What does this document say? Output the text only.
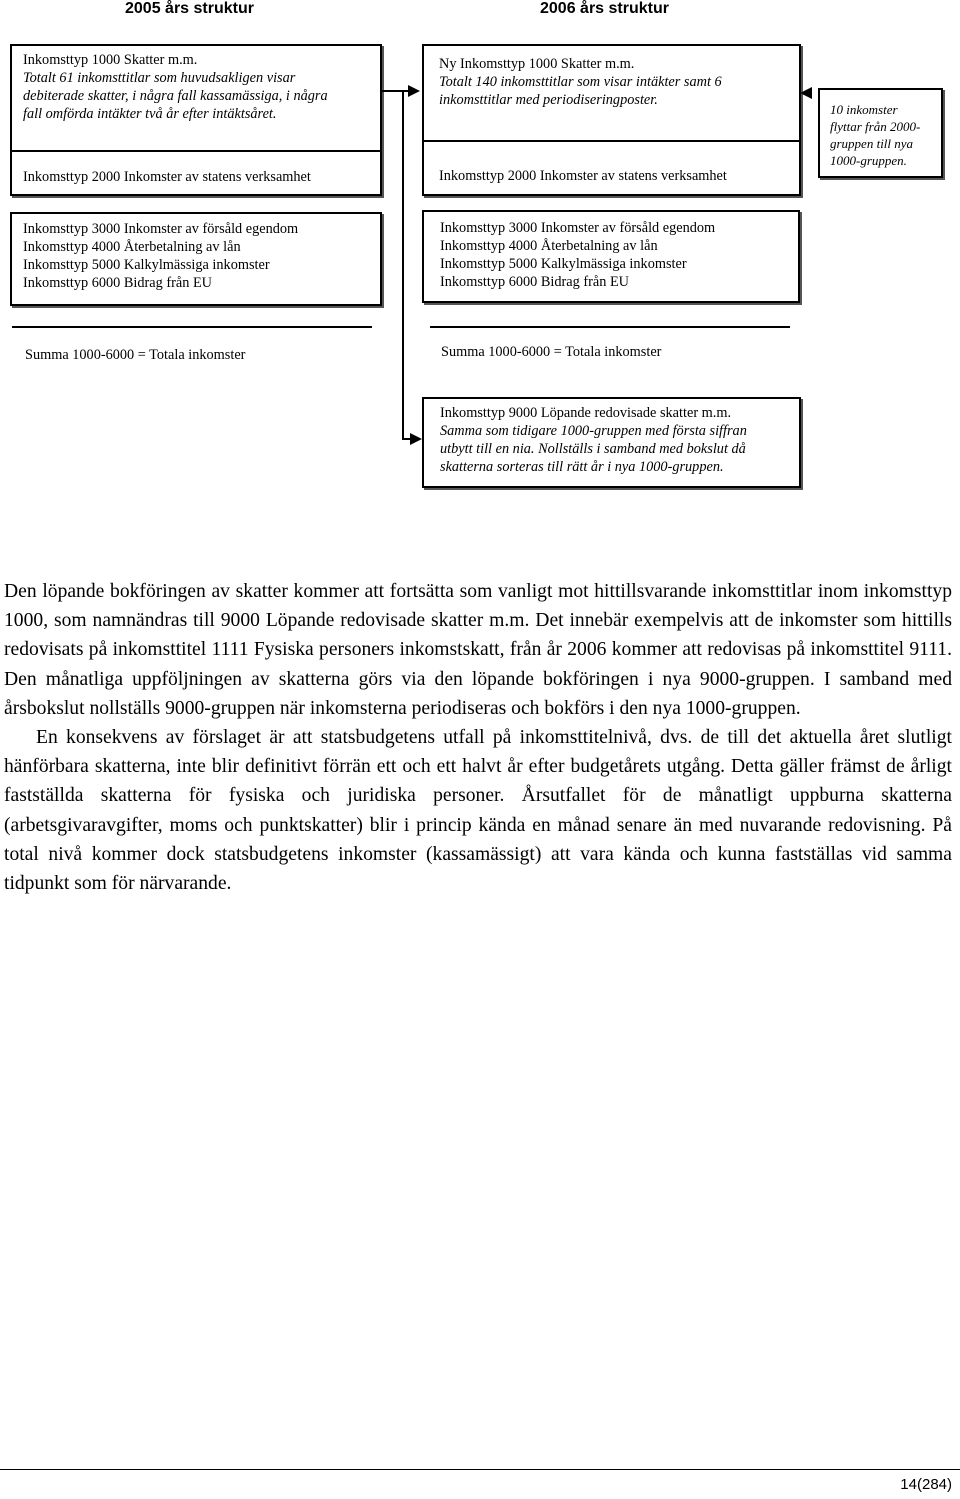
2005 års struktur	2006 års struktur
Inkomsttyp 1000 Skatter m.m.
Totalt 61 inkomsttitlar som huvudsakligen visar
debiterade skatter, i några fall kassamässiga, i några
fall omförda intäkter två år efter intäktsåret.
Inkomsttyp 2000 Inkomster av statens verksamhet
Inkomsttyp 3000 Inkomster av försåld egendom
Inkomsttyp 4000 Återbetalning av lån
Inkomsttyp 5000 Kalkylmässiga inkomster
Inkomsttyp 6000 Bidrag från EU
Summa 1000-6000 = Totala inkomster
Ny Inkomsttyp 1000 Skatter m.m.
Totalt 140 inkomsttitlar som visar intäkter samt 6
inkomsttitlar med periodiseringposter.
Inkomsttyp 2000 Inkomster av statens verksamhet
10 inkomster
flyttar från 2000-
gruppen till nya
1000-gruppen.
Inkomsttyp 3000 Inkomster av försåld egendom
Inkomsttyp 4000 Återbetalning av lån
Inkomsttyp 5000 Kalkylmässiga inkomster
Inkomsttyp 6000 Bidrag från EU
Summa 1000-6000 = Totala inkomster
Inkomsttyp 9000 Löpande redovisade skatter m.m.
Samma som tidigare 1000-gruppen med första siffran
utbytt till en nia. Nollställs i samband med bokslut då
skatterna sorteras till rätt år i nya 1000-gruppen.

Den löpande bokföringen av skatter kommer att fortsätta som vanligt mot hittillsvarande inkomsttitlar inom inkomsttyp 1000, som namnändras till 9000 Löpande redovisade skatter m.m. Det innebär exempelvis att de inkomster som hittills redovisats på inkomsttitel 1111 Fysiska personers inkomstskatt, från år 2006 kommer att redovisas på inkomsttitel 9111. Den månatliga uppföljningen av skatterna görs via den löpande bokföringen i nya 9000-gruppen. I samband med årsbokslut nollställs 9000-gruppen när inkomsterna periodiseras och bokförs i den nya 1000-gruppen.

En konsekvens av förslaget är att statsbudgetens utfall på inkomsttitelnivå, dvs. de till det aktuella året slutligt hänförbara skatterna, inte blir definitivt förrän ett och ett halvt år efter budgetårets utgång. Detta gäller främst de årligt fastställda skatterna för fysiska och juridiska personer. Årsutfallet för de månatligt uppburna skatterna (arbetsgivaravgifter, moms och punktskatter) blir i princip kända en månad senare än med nuvarande redovisning. På total nivå kommer dock statsbudgetens inkomster (kassamässigt) att vara kända och kunna fastställas vid samma tidpunkt som för närvarande.

14(284)
